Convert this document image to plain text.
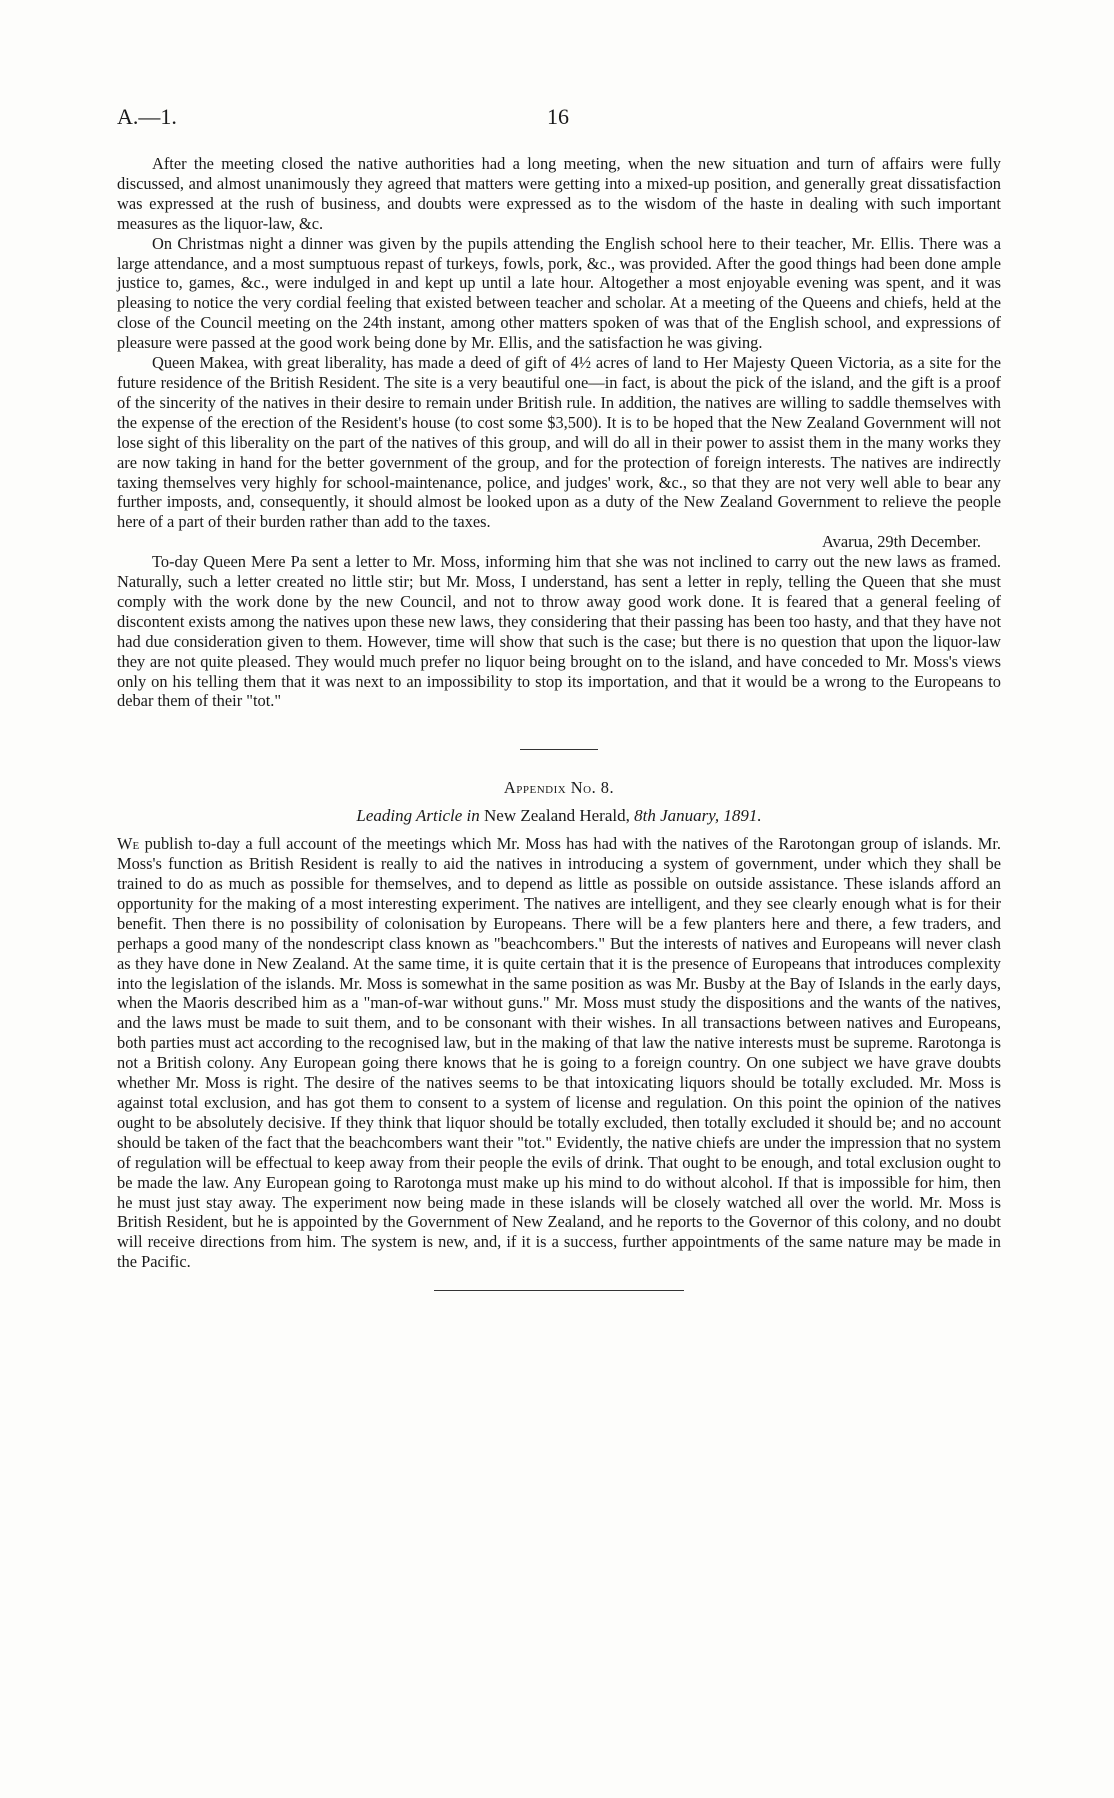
A.—1.	16

After the meeting closed the native authorities had a long meeting, when the new situation and turn of affairs were fully discussed, and almost unanimously they agreed that matters were getting into a mixed-up position, and generally great dissatisfaction was expressed at the rush of business, and doubts were expressed as to the wisdom of the haste in dealing with such important measures as the liquor-law, &c.

On Christmas night a dinner was given by the pupils attending the English school here to their teacher, Mr. Ellis. There was a large attendance, and a most sumptuous repast of turkeys, fowls, pork, &c., was provided. After the good things had been done ample justice to, games, &c., were indulged in and kept up until a late hour. Altogether a most enjoyable evening was spent, and it was pleasing to notice the very cordial feeling that existed between teacher and scholar. At a meeting of the Queens and chiefs, held at the close of the Council meeting on the 24th instant, among other matters spoken of was that of the English school, and expressions of pleasure were passed at the good work being done by Mr. Ellis, and the satisfaction he was giving.

Queen Makea, with great liberality, has made a deed of gift of 4½ acres of land to Her Majesty Queen Victoria, as a site for the future residence of the British Resident. The site is a very beautiful one—in fact, is about the pick of the island, and the gift is a proof of the sincerity of the natives in their desire to remain under British rule. In addition, the natives are willing to saddle themselves with the expense of the erection of the Resident's house (to cost some $3,500). It is to be hoped that the New Zealand Government will not lose sight of this liberality on the part of the natives of this group, and will do all in their power to assist them in the many works they are now taking in hand for the better government of the group, and for the protection of foreign interests. The natives are indirectly taxing themselves very highly for school-maintenance, police, and judges' work, &c., so that they are not very well able to bear any further imposts, and, consequently, it should almost be looked upon as a duty of the New Zealand Government to relieve the people here of a part of their burden rather than add to the taxes.

Avarua, 29th December.

To-day Queen Mere Pa sent a letter to Mr. Moss, informing him that she was not inclined to carry out the new laws as framed. Naturally, such a letter created no little stir; but Mr. Moss, I understand, has sent a letter in reply, telling the Queen that she must comply with the work done by the new Council, and not to throw away good work done. It is feared that a general feeling of discontent exists among the natives upon these new laws, they considering that their passing has been too hasty, and that they have not had due consideration given to them. However, time will show that such is the case; but there is no question that upon the liquor-law they are not quite pleased. They would much prefer no liquor being brought on to the island, and have conceded to Mr. Moss's views only on his telling them that it was next to an impossibility to stop its importation, and that it would be a wrong to the Europeans to debar them of their "tot."

Appendix No. 8.
Leading Article in New Zealand Herald, 8th January, 1891.

We publish to-day a full account of the meetings which Mr. Moss has had with the natives of the Rarotongan group of islands. Mr. Moss's function as British Resident is really to aid the natives in introducing a system of government, under which they shall be trained to do as much as possible for themselves, and to depend as little as possible on outside assistance. These islands afford an opportunity for the making of a most interesting experiment. The natives are intelligent, and they see clearly enough what is for their benefit. Then there is no possibility of colonisation by Europeans. There will be a few planters here and there, a few traders, and perhaps a good many of the nondescript class known as "beachcombers." But the interests of natives and Europeans will never clash as they have done in New Zealand. At the same time, it is quite certain that it is the presence of Europeans that introduces complexity into the legislation of the islands. Mr. Moss is somewhat in the same position as was Mr. Busby at the Bay of Islands in the early days, when the Maoris described him as a "man-of-war without guns." Mr. Moss must study the dispositions and the wants of the natives, and the laws must be made to suit them, and to be consonant with their wishes. In all transactions between natives and Europeans, both parties must act according to the recognised law, but in the making of that law the native interests must be supreme. Rarotonga is not a British colony. Any European going there knows that he is going to a foreign country. On one subject we have grave doubts whether Mr. Moss is right. The desire of the natives seems to be that intoxicating liquors should be totally excluded. Mr. Moss is against total exclusion, and has got them to consent to a system of license and regulation. On this point the opinion of the natives ought to be absolutely decisive. If they think that liquor should be totally excluded, then totally excluded it should be; and no account should be taken of the fact that the beachcombers want their "tot." Evidently, the native chiefs are under the impression that no system of regulation will be effectual to keep away from their people the evils of drink. That ought to be enough, and total exclusion ought to be made the law. Any European going to Rarotonga must make up his mind to do without alcohol. If that is impossible for him, then he must just stay away. The experiment now being made in these islands will be closely watched all over the world. Mr. Moss is British Resident, but he is appointed by the Government of New Zealand, and he reports to the Governor of this colony, and no doubt will receive directions from him. The system is new, and, if it is a success, further appointments of the same nature may be made in the Pacific.
